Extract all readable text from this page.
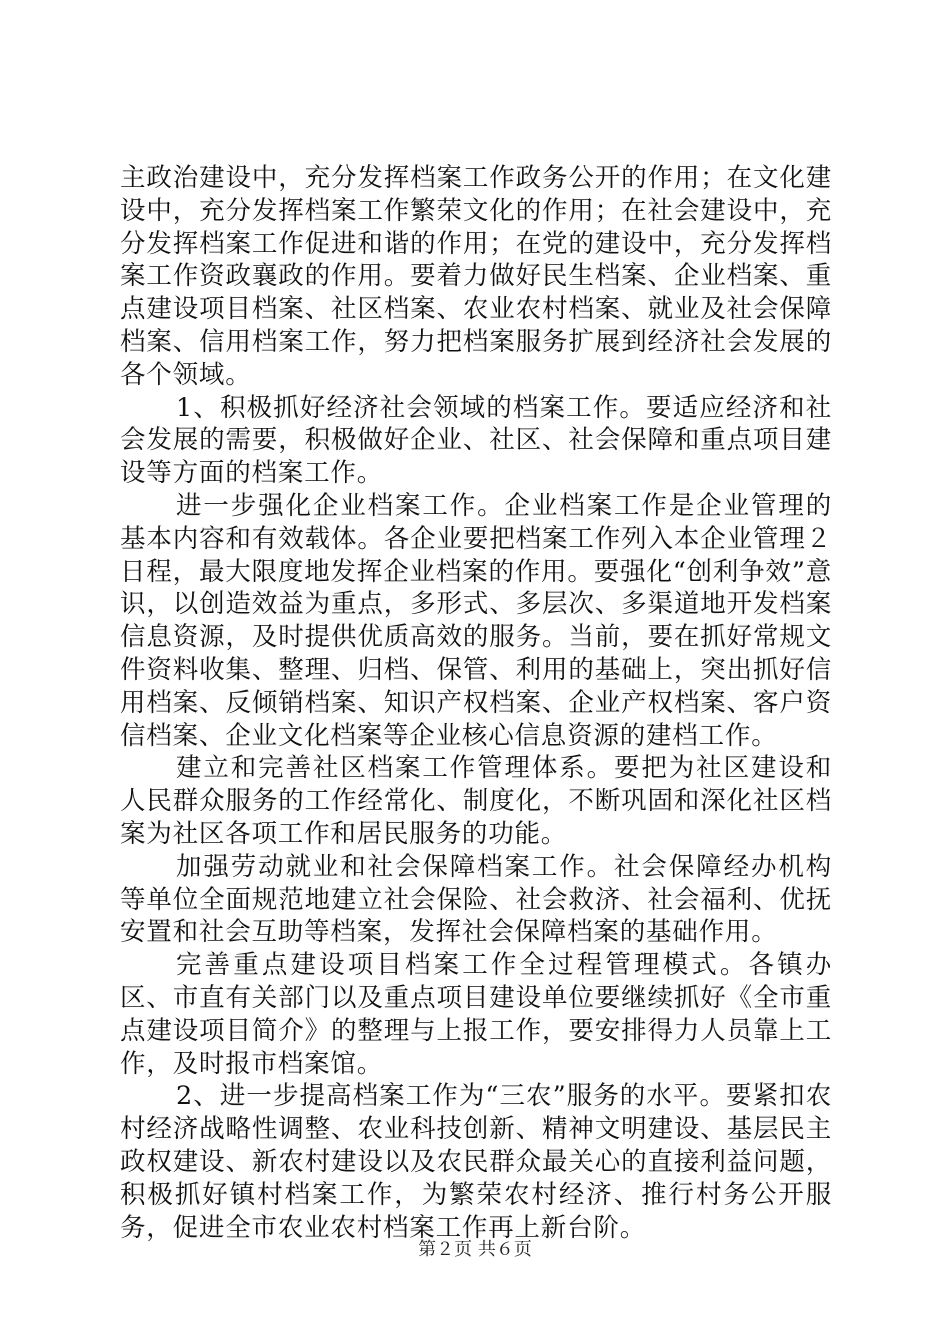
主政治建设中，充分发挥档案工作政务公开的作用；在文化建设中，充分发挥档案工作繁荣文化的作用；在社会建设中，充分发挥档案工作促进和谐的作用；在党的建设中，充分发挥档案工作资政襄政的作用。要着力做好民生档案、企业档案、重点建设项目档案、社区档案、农业农村档案、就业及社会保障档案、信用档案工作，努力把档案服务扩展到经济社会发展的各个领域。

1、积极抓好经济社会领域的档案工作。要适应经济和社会发展的需要，积极做好企业、社区、社会保障和重点项目建设等方面的档案工作。

进一步强化企业档案工作。企业档案工作是企业管理的基本内容和有效载体。各企业要把档案工作列入本企业管理２日程，最大限度地发挥企业档案的作用。要强化“创利争效”意识，以创造效益为重点，多形式、多层次、多渠道地开发档案信息资源，及时提供优质高效的服务。当前，要在抓好常规文件资料收集、整理、归档、保管、利用的基础上，突出抓好信用档案、反倾销档案、知识产权档案、企业产权档案、客户资信档案、企业文化档案等企业核心信息资源的建档工作。

建立和完善社区档案工作管理体系。要把为社区建设和人民群众服务的工作经常化、制度化，不断巩固和深化社区档案为社区各项工作和居民服务的功能。

加强劳动就业和社会保障档案工作。社会保障经办机构等单位全面规范地建立社会保险、社会救济、社会福利、优抚安置和社会互助等档案，发挥社会保障档案的基础作用。

完善重点建设项目档案工作全过程管理模式。各镇办区、市直有关部门以及重点项目建设单位要继续抓好《全市重点建设项目简介》的整理与上报工作，要安排得力人员靠上工作，及时报市档案馆。

2、进一步提高档案工作为“三农”服务的水平。要紧扣农村经济战略性调整、农业科技创新、精神文明建设、基层民主政权建设、新农村建设以及农民群众最关心的直接利益问题，积极抓好镇村档案工作，为繁荣农村经济、推行村务公开服务，促进全市农业农村档案工作再上新台阶。

第２页 共６页
